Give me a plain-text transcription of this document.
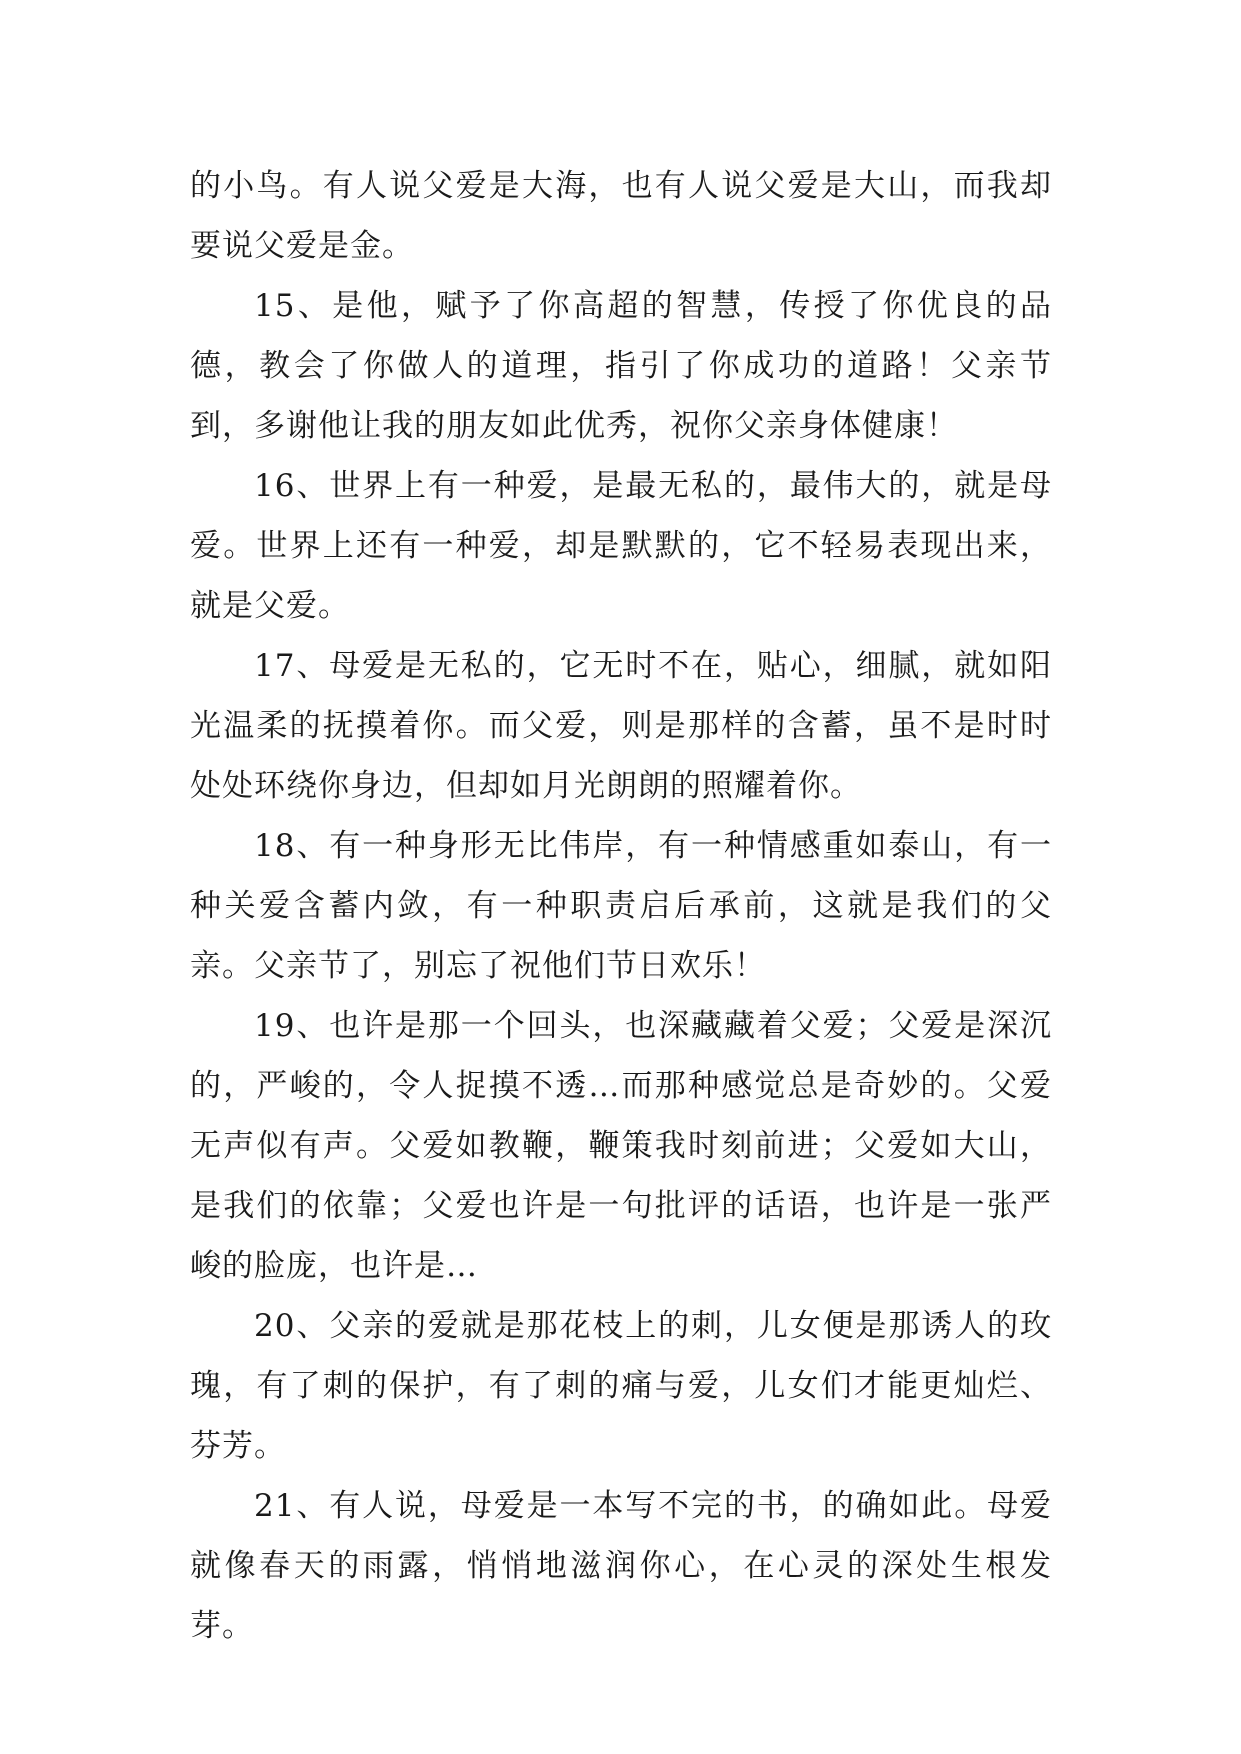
的小鸟。有人说父爱是大海，也有人说父爱是大山，而我却要说父爱是金。

15、是他，赋予了你高超的智慧，传授了你优良的品德，教会了你做人的道理，指引了你成功的道路！父亲节到，多谢他让我的朋友如此优秀，祝你父亲身体健康！

16、世界上有一种爱，是最无私的，最伟大的，就是母爱。世界上还有一种爱，却是默默的，它不轻易表现出来，就是父爱。

17、母爱是无私的，它无时不在，贴心，细腻，就如阳光温柔的抚摸着你。而父爱，则是那样的含蓄，虽不是时时处处环绕你身边，但却如月光朗朗的照耀着你。

18、有一种身形无比伟岸，有一种情感重如泰山，有一种关爱含蓄内敛，有一种职责启后承前，这就是我们的父亲。父亲节了，别忘了祝他们节日欢乐！

19、也许是那一个回头，也深藏藏着父爱；父爱是深沉的，严峻的，令人捉摸不透…而那种感觉总是奇妙的。父爱无声似有声。父爱如教鞭，鞭策我时刻前进；父爱如大山，是我们的依靠；父爱也许是一句批评的话语，也许是一张严峻的脸庞，也许是…

20、父亲的爱就是那花枝上的刺，儿女便是那诱人的玫瑰，有了刺的保护，有了刺的痛与爱，儿女们才能更灿烂、芬芳。

21、有人说，母爱是一本写不完的书，的确如此。母爱就像春天的雨露，悄悄地滋润你心，在心灵的深处生根发芽。
